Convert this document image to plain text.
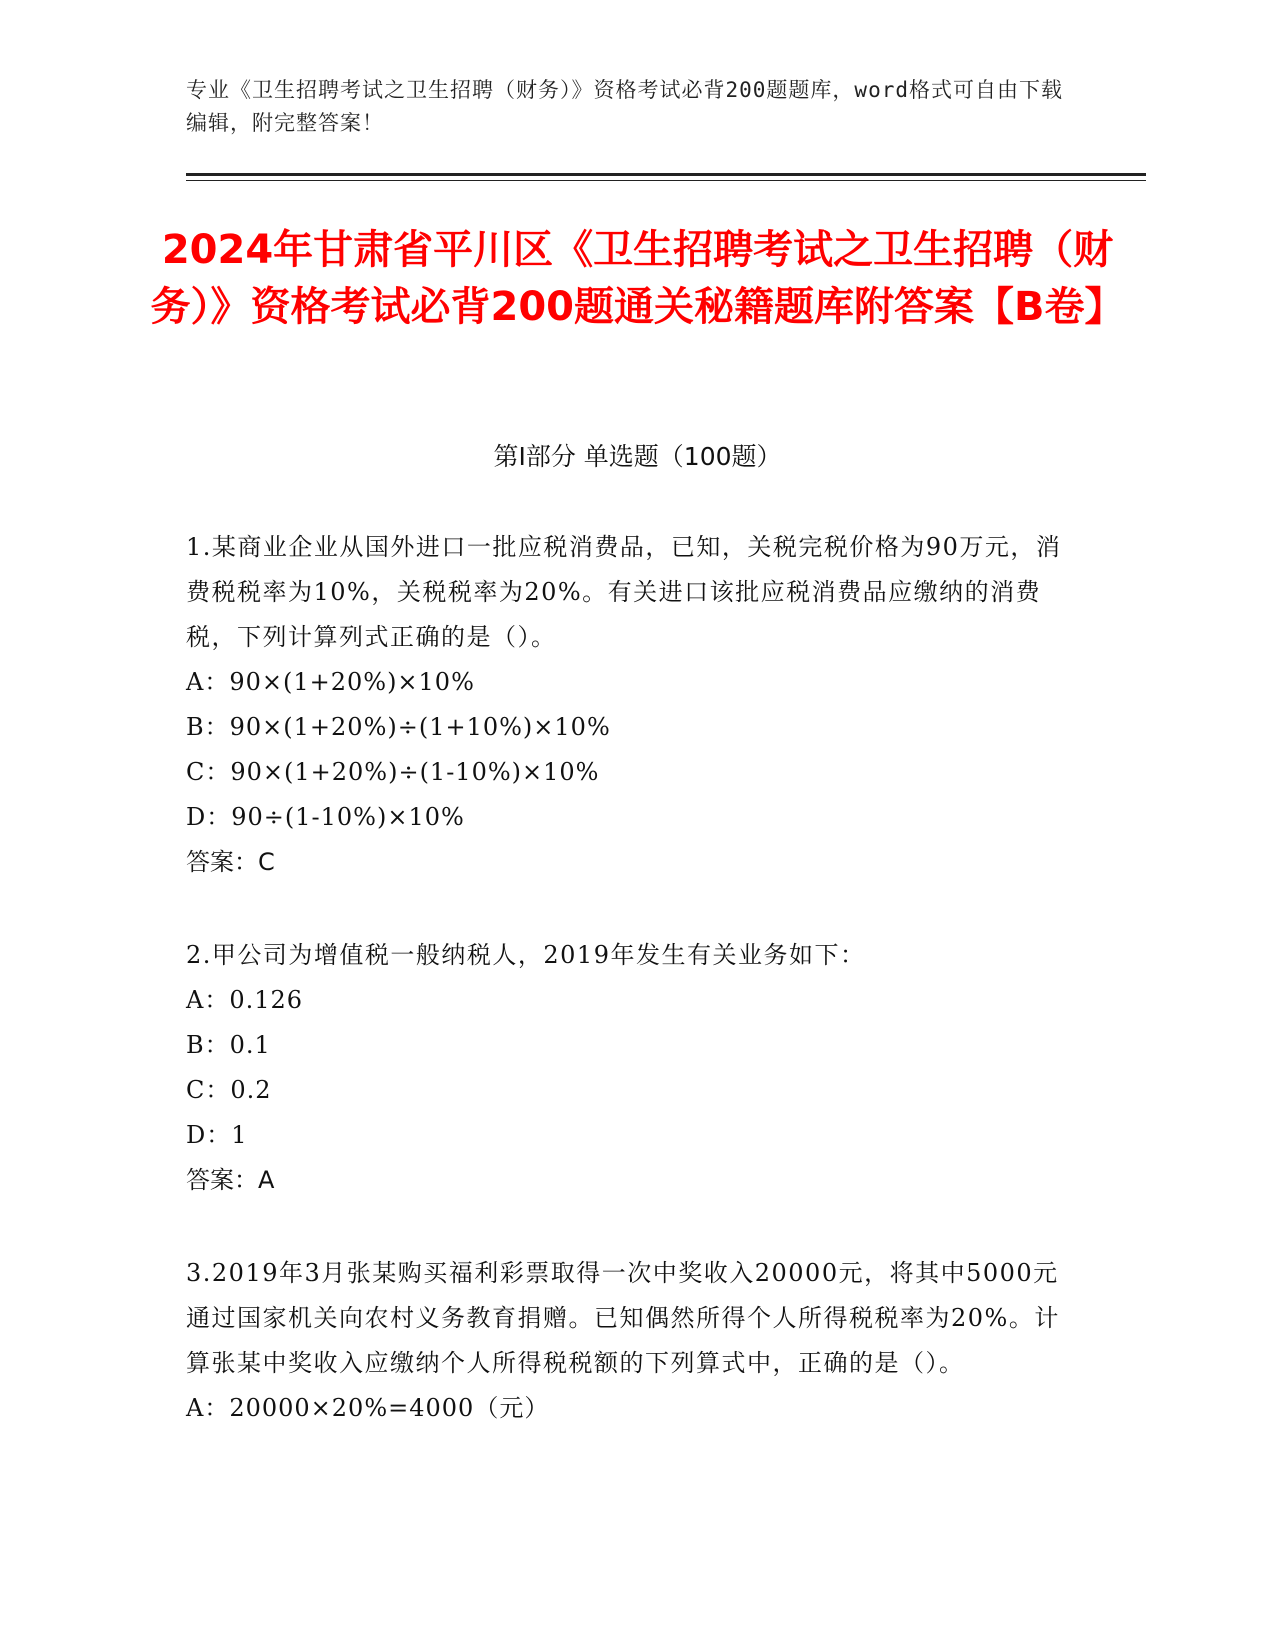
专业《卫生招聘考试之卫生招聘（财务）》资格考试必背200题题库，word格式可自由下载编辑，附完整答案！
2024年甘肃省平川区《卫生招聘考试之卫生招聘（财务）》资格考试必背200题通关秘籍题库附答案【B卷】
第Ⅰ部分 单选题（100题）
1.某商业企业从国外进口一批应税消费品，已知，关税完税价格为90万元，消费税税率为10%，关税税率为20%。有关进口该批应税消费品应缴纳的消费税，下列计算列式正确的是（）。
A：90×(1+20%)×10%
B：90×(1+20%)÷(1+10%)×10%
C：90×(1+20%)÷(1-10%)×10%
D：90÷(1-10%)×10%
答案：C
2.甲公司为增值税一般纳税人，2019年发生有关业务如下：
A：0.126
B：0.1
C：0.2
D：1
答案：A
3.2019年3月张某购买福利彩票取得一次中奖收入20000元，将其中5000元通过国家机关向农村义务教育捐赠。已知偶然所得个人所得税税率为20%。计算张某中奖收入应缴纳个人所得税税额的下列算式中，正确的是（）。
A：20000×20%=4000（元）
